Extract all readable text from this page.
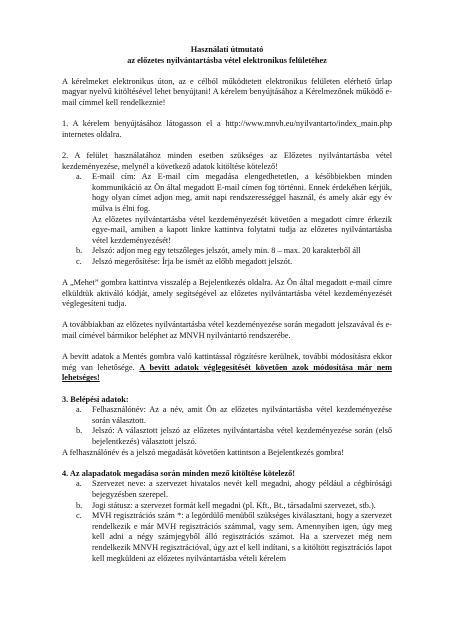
Használati útmutató

az előzetes nyilvántartásba vétel elektronikus felületéhez

A kérelmeket elektronikus úton, az e célból működtetett elektronikus felületen elérhető űrlap magyar nyelvű kitöltésével lehet benyújtani! A kérelem benyújtásához a Kérelmezőnek működő e-mail címmel kell rendelkeznie!

1. A kérelem benyújtásához látogasson el a http://www.mnvh.eu/nyilvantarto/index_main.php internetes oldalra.

2. A felület használatához minden esetben szükséges az Előzetes nyilvántartásba vétel kezdeményezése, melynél a következő adatok kitöltése kötelező!

a.	E-mail cím: Az E-mail cím megadása elengedhetetlen, a későbbiekben minden kommunikáció az Ön által megadott E-mail címen fog történni. Ennek érdekében kérjük, hogy olyan címet adjon meg, amit napi rendszerességgel használ, és amely akár egy év múlva is élni fog.

Az előzetes nyilvántartásba vétel kezdeményezését követően a megadott címre érkezik egye-mail, amiben a kapott linkre kattintva folytatni tudja az előzetes nyilvántartásba vétel kezdeményezését!

b.	Jelszó: adjon meg egy tetszőleges jelszót, amely min. 8 – max. 20 karakterből áll
c.	Jelszó megerősítése: Írja be ismét az előbb megadott jelszót.

A „Mehet” gombra kattintva visszalép a Bejelentkezés oldalra. Az Ön által megadott e-mail címre elküldtük aktiváló kódját, amely segítségével az előzetes nyilvántartásba vétel kezdeményezését véglegesíteni tudja.

A továbbiakban az előzetes nyilvántartásba vétel kezdeményezése során megadott jelszavával és e-mail címével bármikor beléphet az MNVH nyilvántartó rendszerébe.

A bevitt adatok a Mentés gombra való kattintással rögzítésre kerülnek, további módosításra ekkor még van lehetősége. A bevitt adatok véglegesítését követően azok módosítása már nem lehetséges!

3. Belépési adatok:

a.	Felhasználónév: Az a név, amit Ön az előzetes nyilvántartásba vétel kezdeményezése során választott.
b.	Jelszó: A választott jelszó az előzetes nyilvántartásba vétel kezdeményezése során (első bejelentkezés) választott jelszó.

A felhasználónév és a jelszó megadását követően kattintson a Bejelentkezés gombra!

4. Az alapadatok megadása során minden mező kitöltése kötelező!

a.	Szervezet neve: a szervezet hivatalos nevét kell megadni, ahogy például a cégbírósági bejegyzésben szerepel.
b.	Jogi státusz: a szervezet formát kell megadni (pl. Kft., Bt., társadalmi szervezet, stb.).
c.	MVH regisztrációs szám *: a legördülő menüből szükséges kiválasztani, hogy a szervezet rendelkezik e már MVH regisztrációs számmal, vagy sem. Amennyiben igen, úgy meg kell adni a négy számjegyből álló regisztrációs számot. Ha a szervezet még nem rendelkezik MNVH regisztrációval, úgy azt el kell indítani, s a kitöltött regisztrációs lapot kell megküldeni az előzetes nyilvántartásba vételi kérelem
